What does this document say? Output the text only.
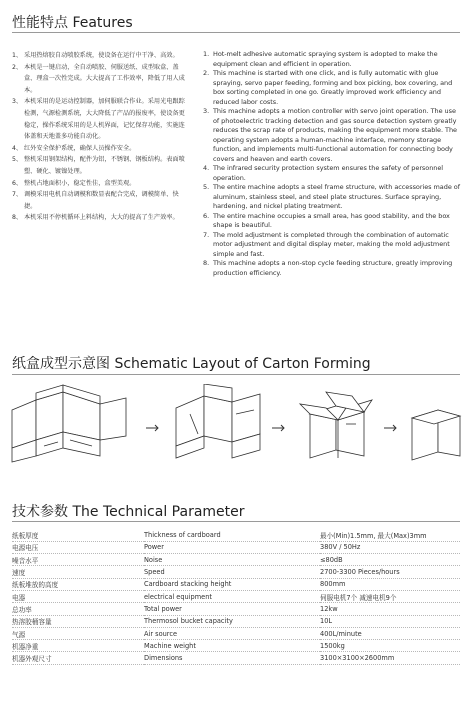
性能特点 Features
1、 采用热熔胶自动喷胶系统，使设备在运行中干净、高效。
2、 本机是一键启动，全自动喷胶、伺服送纸、成型取盒、盖盒、理盒一次性完成。大大提高了工作效率，降低了用人成本。
3、 本机采用的是运动控制器，加伺服联合作业。采用光电跟踪检测，气源检测系统，大大降低了产品的报废率，使设备更稳定，操作系统采用的是人机界面，记忆保存功能，实施连体盖和天地盖多功能自动化。
4、 红外安全保护系统，确保人员操作安全。
5、 整机采用钢架结构，配件为铝，不锈钢、钢板结构。表面喷塑、硬化、镀镍处理。
6、 整机占地面积小，稳定性佳，盒型美观。
7、 调模采用电机自动调模和数显表配合完成，调模简单、快捷。
8、 本机采用不停机循环上料结构，大大的提高了生产效率。
1. Hot-melt adhesive automatic spraying system is adopted to make the equipment clean and efficient in operation.
2. This machine is started with one click, and is fully automatic with glue spraying, servo paper feeding, forming and box picking, box covering, and box sorting completed in one go. Greatly improved work efficiency and reduced labor costs.
3. This machine adopts a motion controller with servo joint operation. The use of photoelectric tracking detection and gas source detection system greatly reduces the scrap rate of products, making the equipment more stable. The operating system adopts a human-machine interface, memory storage function, and implements multi-functional automation for connecting body covers and heaven and earth covers.
4. The infrared security protection system ensures the safety of personnel operation.
5. The entire machine adopts a steel frame structure, with accessories made of aluminum, stainless steel, and steel plate structures. Surface spraying, hardening, and nickel plating treatment.
6. The entire machine occupies a small area, has good stability, and the box shape is beautiful.
7. The mold adjustment is completed through the combination of automatic motor adjustment and digital display meter, making the mold adjustment simple and fast.
8. This machine adopts a non-stop cycle feeding structure, greatly improving production efficiency.
纸盒成型示意图 Schematic Layout of Carton Forming
技术参数 The Technical Parameter
纸板厚度	Thickness of cardboard	最小(Min)1.5mm, 最大(Max)3mm
电源电压	Power	380V / 50Hz
噪音水平	Noise	≤80dB
速度	Speed	2700-3300 Pieces/hours
纸板堆放的高度	Cardboard stacking height	800mm
电器	electrical equipment	伺服电机7个 减速电机9个
总功率	Total power	12kw
热溶胶桶容量	Thermosol bucket capacity	10L
气源	Air source	400L/minute
机器净重	Machine weight	1500kg
机器外观尺寸	Dimensions	3100×3100×2600mm
